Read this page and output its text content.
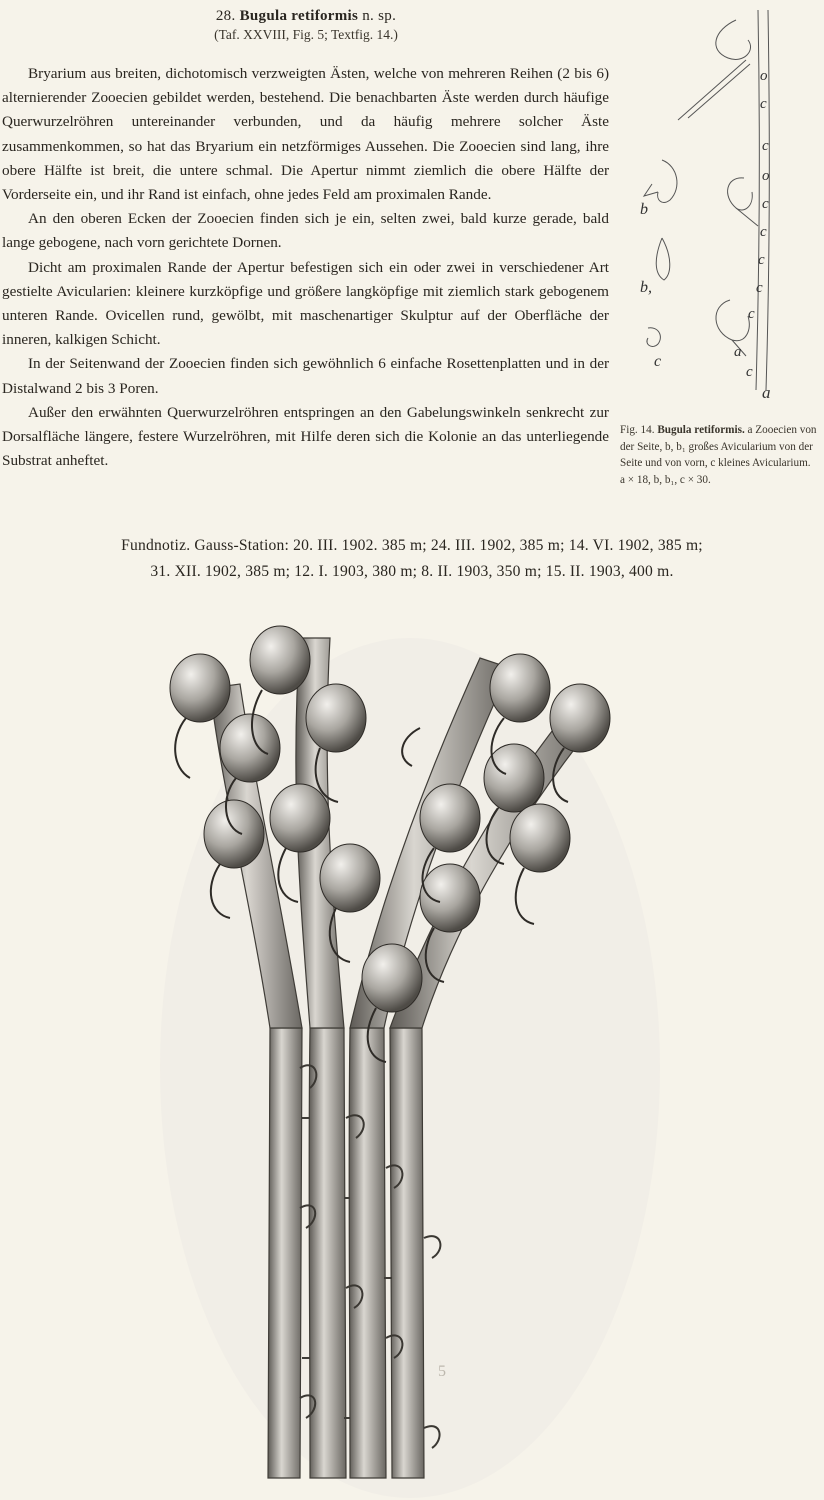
28. Bugula retiformis n. sp.
(Taf. XXVIII, Fig. 5; Textfig. 14.)

Bryarium aus breiten, dichotomisch verzweigten Ästen, welche von mehreren Reihen (2 bis 6) alternierender Zooecien gebildet werden, bestehend. Die benachbarten Äste werden durch häufige Querwurzelröhren untereinander verbunden, und da häufig mehrere solcher Äste zusammenkommen, so hat das Bryarium ein netzförmiges Aussehen. Die Zooecien sind lang, ihre obere Hälfte ist breit, die untere schmal. Die Apertur nimmt ziemlich die obere Hälfte der Vorderseite ein, und ihr Rand ist einfach, ohne jedes Feld am proximalen Rande.

An den oberen Ecken der Zooecien finden sich je ein, selten zwei, bald kurze gerade, bald lange gebogene, nach vorn gerichtete Dornen.

Dicht am proximalen Rande der Apertur befestigen sich ein oder zwei in verschiedener Art gestielte Avicularien: kleinere kurzköpfige und größere langköpfige mit ziemlich stark gebogenem unteren Rande. Ovicellen rund, gewölbt, mit maschenartiger Skulptur auf der Oberfläche der inneren, kalkigen Schicht.

In der Seitenwand der Zooecien finden sich gewöhnlich 6 einfache Rosettenplatten und in der Distalwand 2 bis 3 Poren.

Außer den erwähnten Querwurzelröhren entspringen an den Gabelungswinkeln senkrecht zur Dorsalfläche längere, festere Wurzelröhren, mit Hilfe deren sich die Kolonie an das unterliegende Substrat anheftet.

o
c
c
o
c
c
c
c
a
c
c
b
b,
c
a
Fig. 14. Bugula retiformis. a Zooecien von der Seite, b, b₁ großes Avicularium von der Seite und von vorn, c kleines Avicularium. a × 18, b, b₁, c × 30.
Fundnotiz. Gauss-Station: 20. III. 1902. 385 m; 24. III. 1902, 385 m; 14. VI. 1902, 385 m;
31. XII. 1902, 385 m; 12. I. 1903, 380 m; 8. II. 1903, 350 m; 15. II. 1903, 400 m.
5
